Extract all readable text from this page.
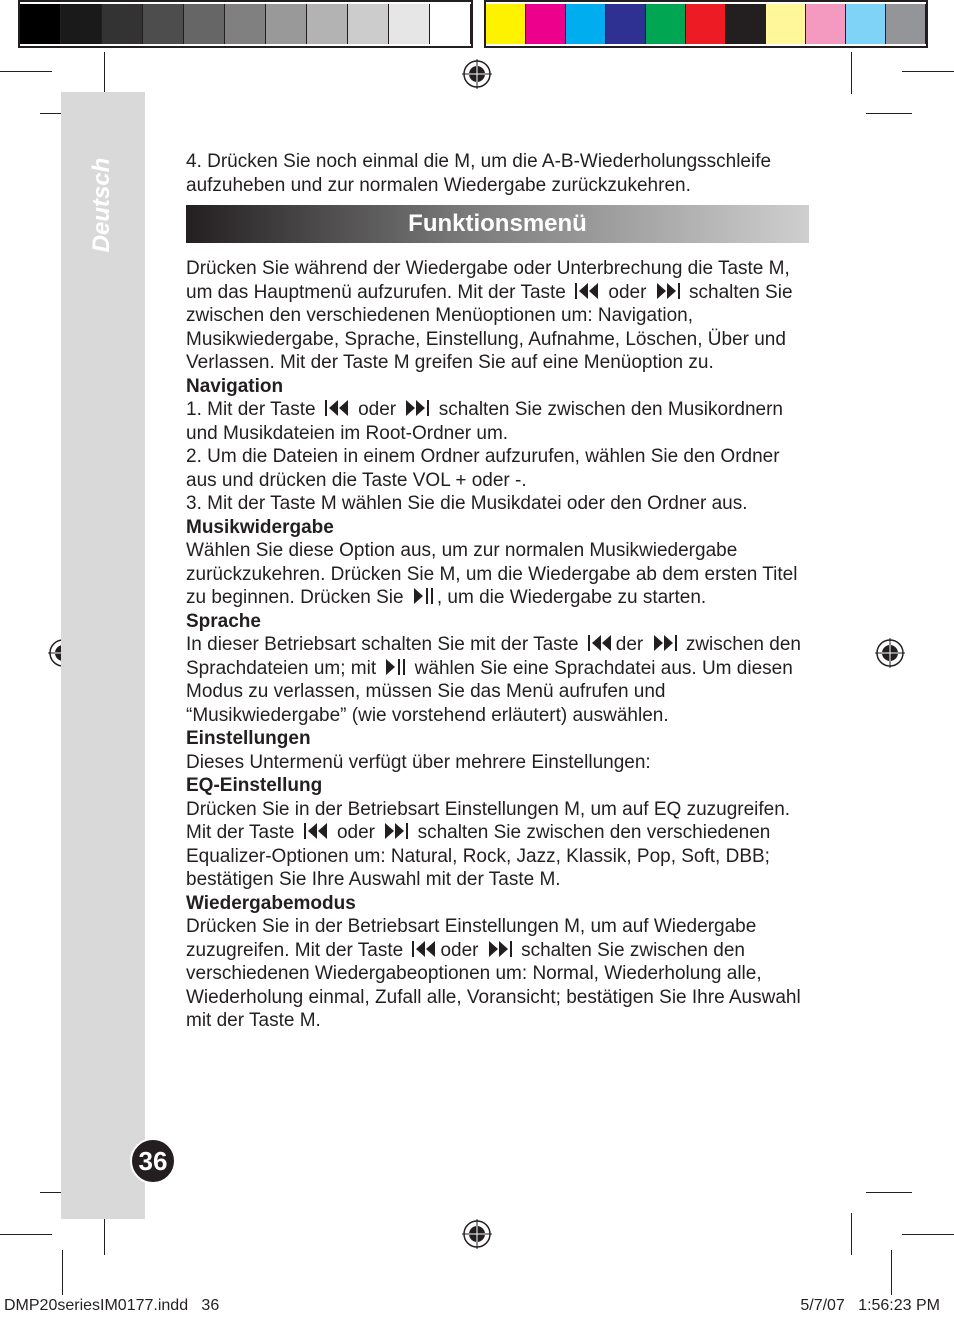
Deutsch
36

4. Drücken Sie noch einmal die M, um die A-B-Wiederholungsschleife aufzuheben und zur normalen Wiedergabe zurückzukehren.

Funktionsmenü

Drücken Sie während der Wiedergabe oder Unterbrechung die Taste M, um das Hauptmenü aufzurufen. Mit der Taste oder schalten Sie zwischen den verschiedenen Menüoptionen um: Navigation, Musikwiedergabe, Sprache, Einstellung, Aufnahme, Löschen, Über und Verlassen. Mit der Taste M greifen Sie auf eine Menüoption zu.

Navigation

1. Mit der Taste oder schalten Sie zwischen den Musikordnern und Musikdateien im Root-Ordner um.

2. Um die Dateien in einem Ordner aufzurufen, wählen Sie den Ordner aus und drücken die Taste VOL + oder -.

3. Mit der Taste M wählen Sie die Musikdatei oder den Ordner aus.

Musikwidergabe

Wählen Sie diese Option aus, um zur normalen Musikwiedergabe zurückzukehren. Drücken Sie M, um die Wiedergabe ab dem ersten Titel zu beginnen. Drücken Sie , um die Wiedergabe zu starten.

Sprache

In dieser Betriebsart schalten Sie mit der Taste der zwischen den Sprachdateien um; mit wählen Sie eine Sprachdatei aus. Um diesen Modus zu verlassen, müssen Sie das Menü aufrufen und “Musikwiedergabe” (wie vorstehend erläutert) auswählen.

Einstellungen

Dieses Untermenü verfügt über mehrere Einstellungen:

EQ-Einstellung

Drücken Sie in der Betriebsart Einstellungen M, um auf EQ zuzugreifen. Mit der Taste oder schalten Sie zwischen den verschiedenen Equalizer-Optionen um: Natural, Rock, Jazz, Klassik, Pop, Soft, DBB; bestätigen Sie Ihre Auswahl mit der Taste M.

Wiedergabemodus

Drücken Sie in der Betriebsart Einstellungen M, um auf Wiedergabe zuzugreifen. Mit der Taste oder schalten Sie zwischen den verschiedenen Wiedergabeoptionen um: Normal, Wiederholung alle, Wiederholung einmal, Zufall alle, Voransicht; bestätigen Sie Ihre Auswahl mit der Taste M.

DMP20seriesIM0177.indd   36	5/7/07   1:56:23 PM
